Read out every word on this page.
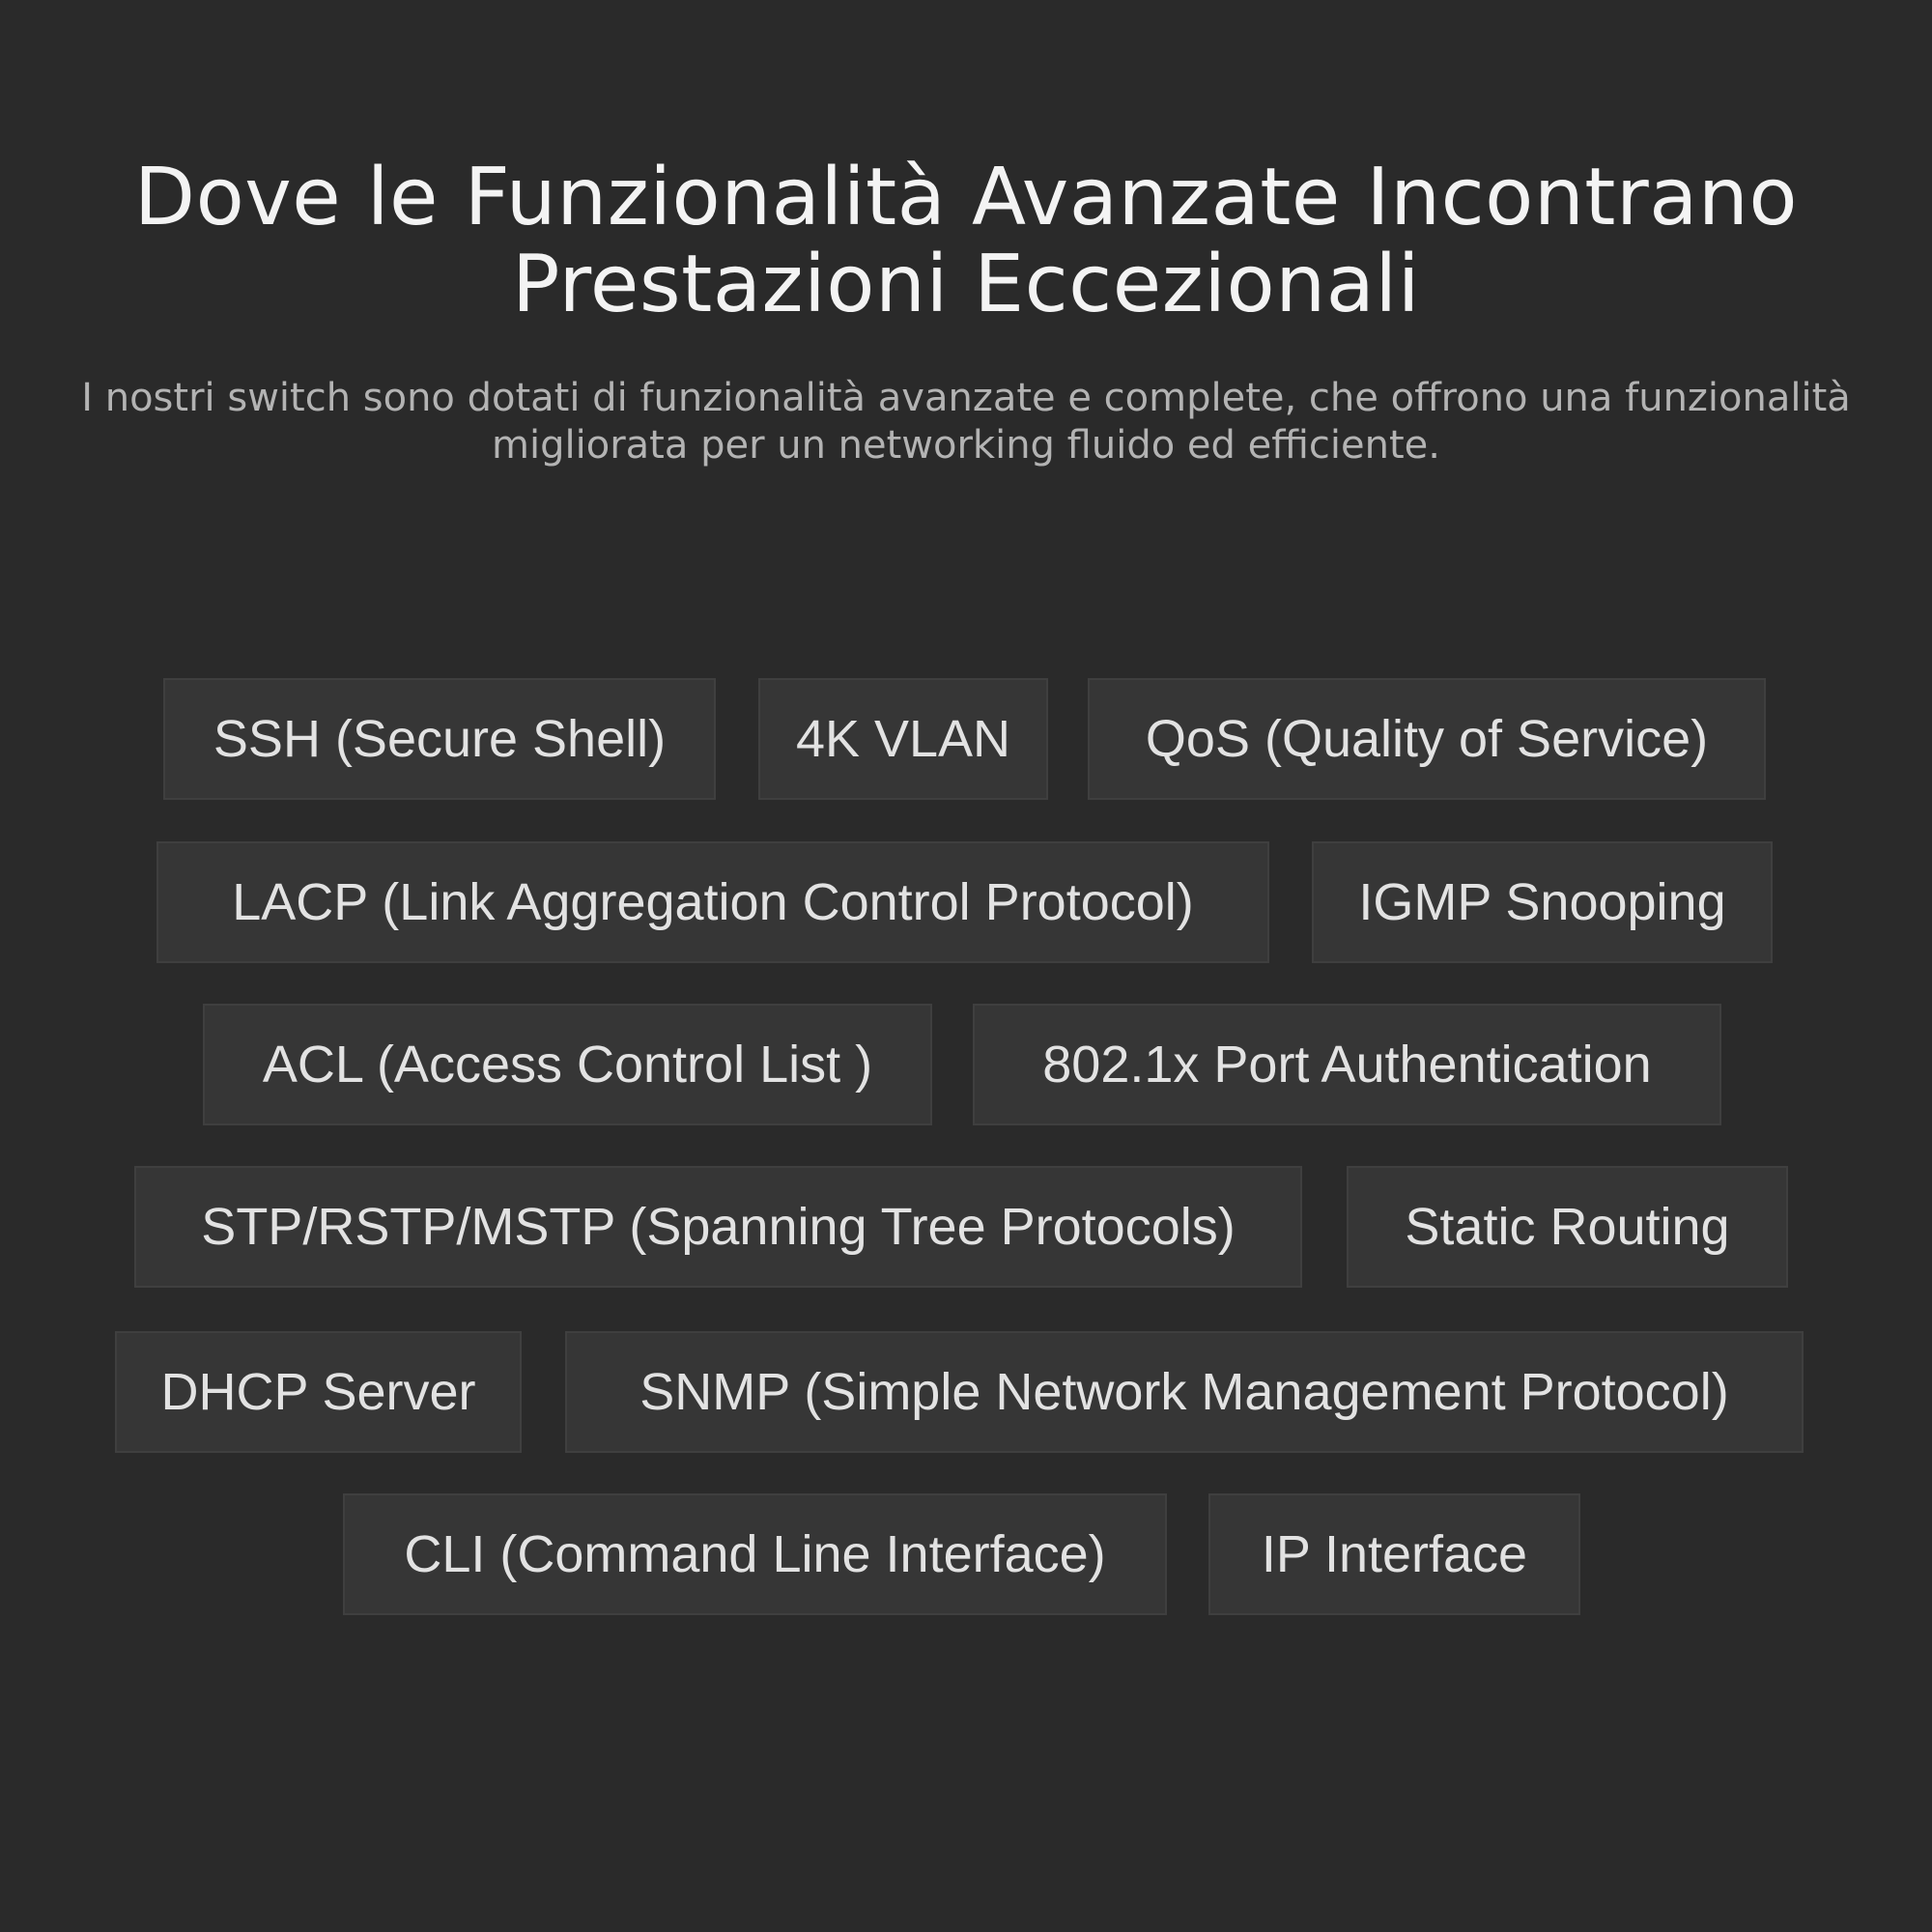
Dove le Funzionalità Avanzate Incontrano
Prestazioni Eccezionali

I nostri switch sono dotati di funzionalità avanzate e complete, che offrono una funzionalità
migliorata per un networking fluido ed efficiente.

SSH (Secure Shell)	4K VLAN	QoS (Quality of Service)
LACP (Link Aggregation Control Protocol)	IGMP Snooping
ACL (Access Control List )	802.1x Port Authentication
STP/RSTP/MSTP (Spanning Tree Protocols)	Static Routing
DHCP Server	SNMP (Simple Network Management Protocol)
CLI (Command Line Interface)	IP Interface
